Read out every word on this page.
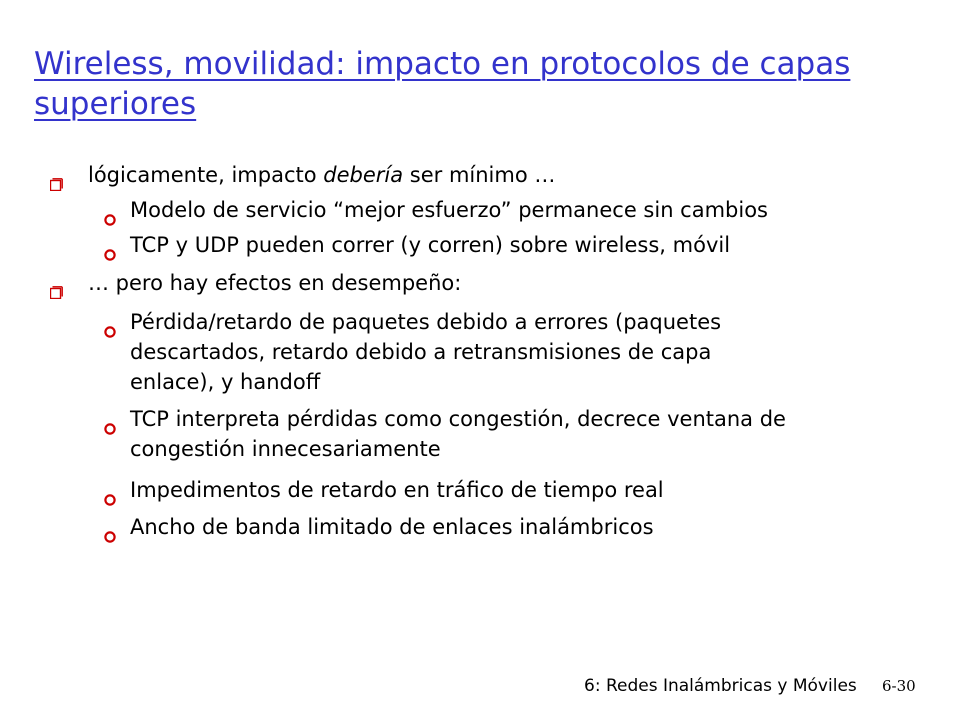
Wireless, movilidad: impacto en protocolos de capas superiores
lógicamente, impacto debería ser mínimo …
Modelo de servicio “mejor esfuerzo” permanece sin cambios
TCP y UDP pueden correr (y corren) sobre wireless, móvil
… pero hay efectos en desempeño:
Pérdida/retardo de paquetes debido a errores (paquetes
descartados, retardo debido a retransmisiones de capa
enlace), y handoff
TCP interpreta pérdidas como congestión, decrece ventana de
congestión innecesariamente
Impedimentos de retardo en tráfico de tiempo real
Ancho de banda limitado de enlaces inalámbricos
6: Redes Inalámbricas y Móviles 6-30
